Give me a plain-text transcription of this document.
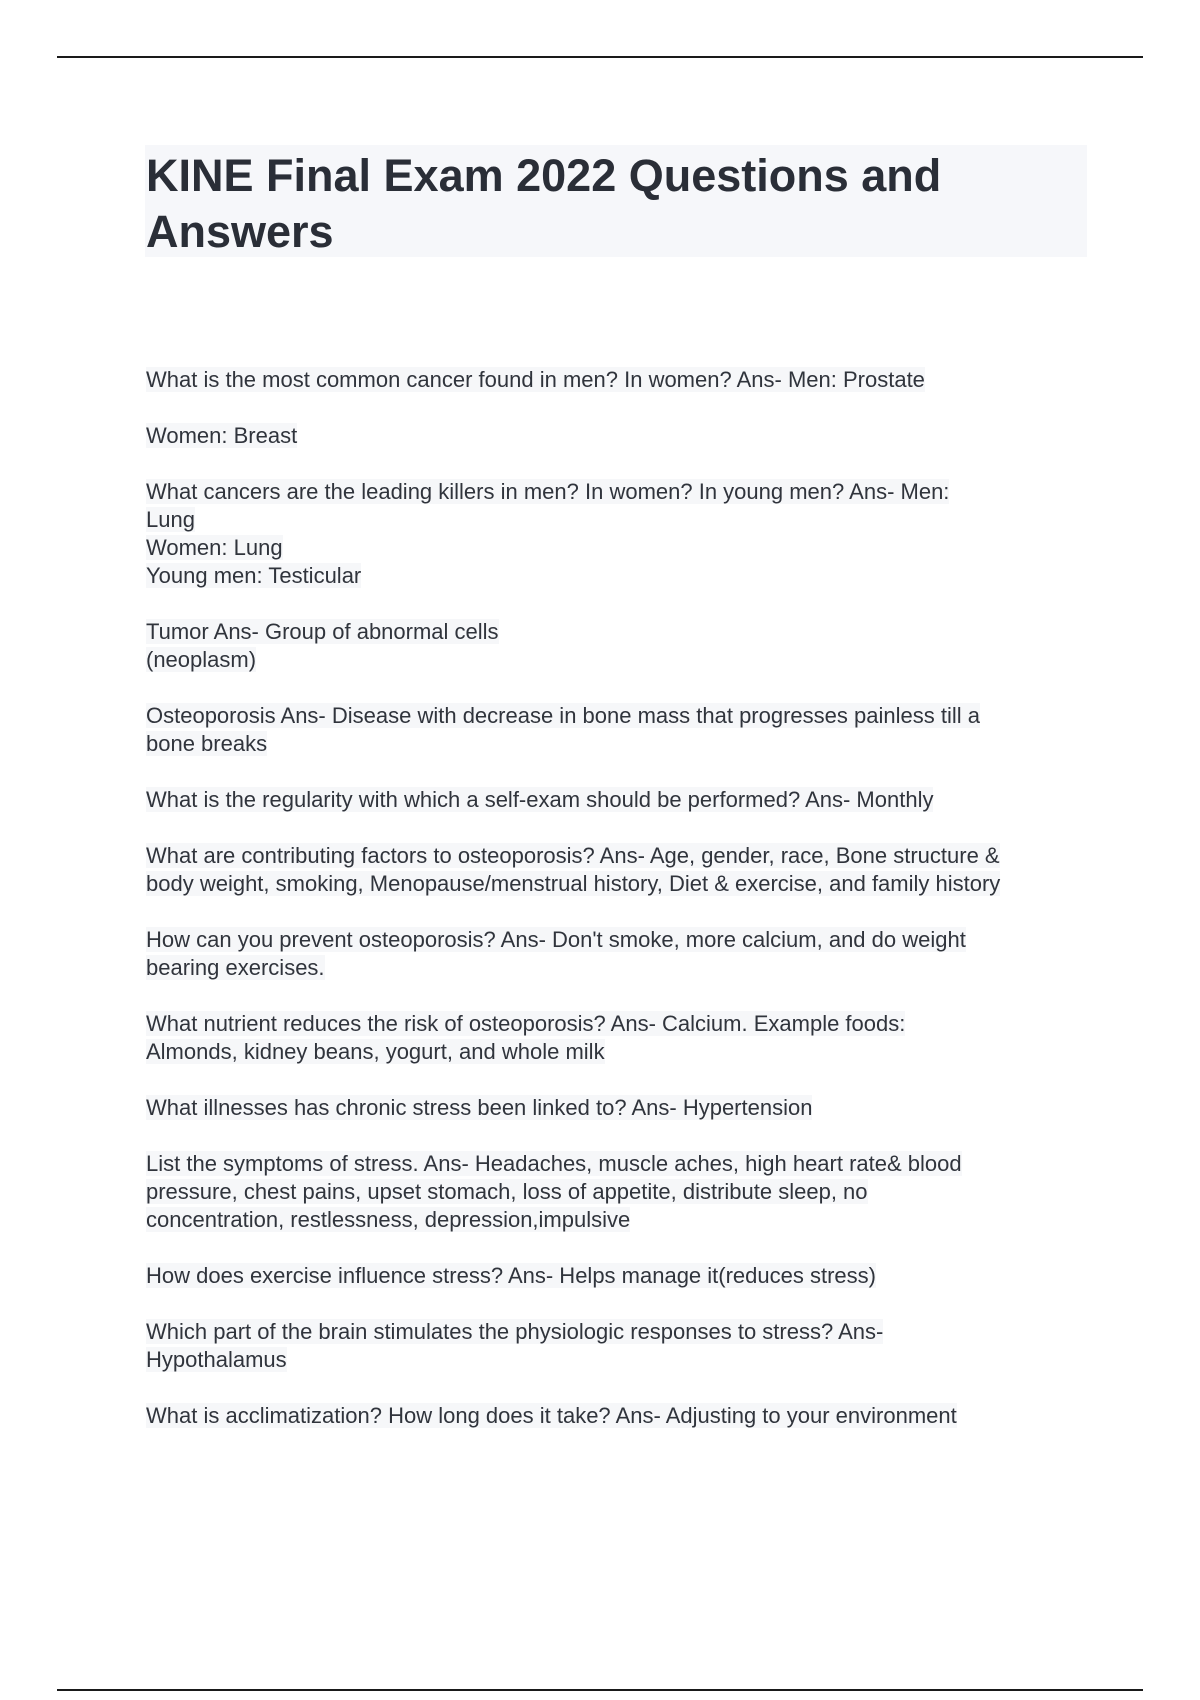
KINE Final Exam 2022 Questions and Answers

What is the most common cancer found in men? In women? Ans- Men: Prostate

Women: Breast

What cancers are the leading killers in men? In women? In young men? Ans- Men:
Lung
Women: Lung
Young men: Testicular

Tumor Ans- Group of abnormal cells
(neoplasm)

Osteoporosis Ans- Disease with decrease in bone mass that progresses painless till a
bone breaks

What is the regularity with which a self-exam should be performed? Ans- Monthly

What are contributing factors to osteoporosis? Ans- Age, gender, race, Bone structure &
body weight, smoking, Menopause/menstrual history, Diet & exercise, and family history

How can you prevent osteoporosis? Ans- Don't smoke, more calcium, and do weight
bearing exercises.

What nutrient reduces the risk of osteoporosis? Ans- Calcium. Example foods:
Almonds, kidney beans, yogurt, and whole milk

What illnesses has chronic stress been linked to? Ans- Hypertension

List the symptoms of stress. Ans- Headaches, muscle aches, high heart rate& blood
pressure, chest pains, upset stomach, loss of appetite, distribute sleep, no
concentration, restlessness, depression,impulsive

How does exercise influence stress? Ans- Helps manage it(reduces stress)

Which part of the brain stimulates the physiologic responses to stress? Ans-
Hypothalamus

What is acclimatization? How long does it take? Ans- Adjusting to your environment
